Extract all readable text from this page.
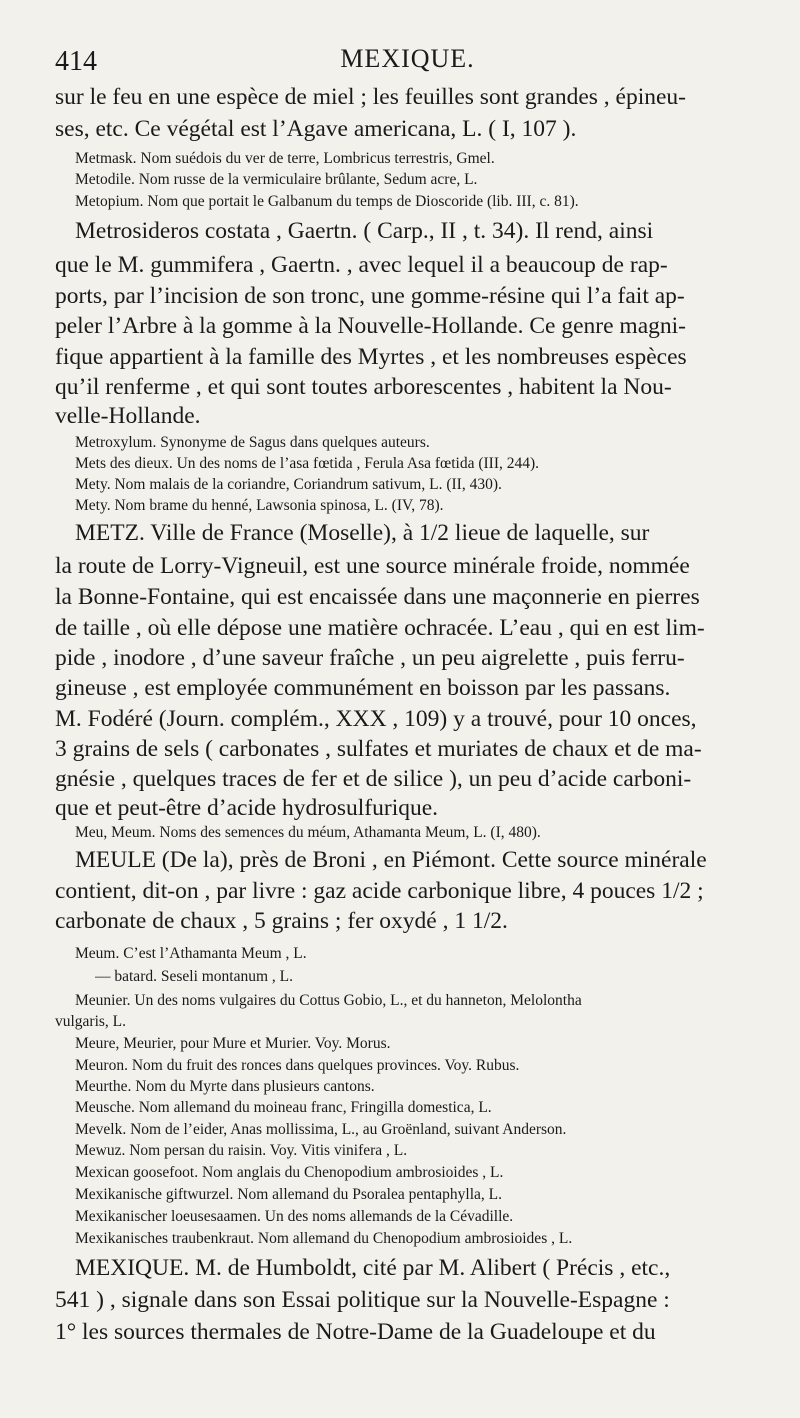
414	MEXIQUE.
sur le feu en une espèce de miel ; les feuilles sont grandes , épineu-
ses, etc. Ce végétal est l’Agave americana, L. ( I, 107 ).
Metmask. Nom suédois du ver de terre, Lombricus terrestris, Gmel.
Metodile. Nom russe de la vermiculaire brûlante, Sedum acre, L.
Metopium. Nom que portait le Galbanum du temps de Dioscoride (lib. III, c. 81).
Metrosideros costata , Gaertn. ( Carp., II , t. 34). Il rend, ainsi
que le M. gummifera , Gaertn. , avec lequel il a beaucoup de rap-
ports, par l’incision de son tronc, une gomme-résine qui l’a fait ap-
peler l’Arbre à la gomme à la Nouvelle-Hollande. Ce genre magni-
fique appartient à la famille des Myrtes , et les nombreuses espèces
qu’il renferme , et qui sont toutes arborescentes , habitent la Nou-
velle-Hollande.
Metroxylum. Synonyme de Sagus dans quelques auteurs.
Mets des dieux. Un des noms de l’asa fœtida , Ferula Asa fœtida (III, 244).
Mety. Nom malais de la coriandre, Coriandrum sativum, L. (II, 430).
Mety. Nom brame du henné, Lawsonia spinosa, L. (IV, 78).
METZ. Ville de France (Moselle), à 1/2 lieue de laquelle, sur
la route de Lorry-Vigneuil, est une source minérale froide, nommée
la Bonne-Fontaine, qui est encaissée dans une maçonnerie en pierres
de taille , où elle dépose une matière ochracée. L’eau , qui en est lim-
pide , inodore , d’une saveur fraîche , un peu aigrelette , puis ferru-
gineuse , est employée communément en boisson par les passans.
M. Fodéré (Journ. complém., XXX , 109) y a trouvé, pour 10 onces,
3 grains de sels ( carbonates , sulfates et muriates de chaux et de ma-
gnésie , quelques traces de fer et de silice ), un peu d’acide carboni-
que et peut-être d’acide hydrosulfurique.
Meu, Meum. Noms des semences du méum, Athamanta Meum, L. (I, 480).
MEULE (De la), près de Broni , en Piémont. Cette source minérale
contient, dit-on , par livre : gaz acide carbonique libre, 4 pouces 1/2 ;
carbonate de chaux , 5 grains ; fer oxydé , 1 1/2.
Meum. C’est l’Athamanta Meum , L.
— batard. Seseli montanum , L.
Meunier. Un des noms vulgaires du Cottus Gobio, L., et du hanneton, Melolontha
vulgaris, L.
Meure, Meurier, pour Mure et Murier. Voy. Morus.
Meuron. Nom du fruit des ronces dans quelques provinces. Voy. Rubus.
Meurthe. Nom du Myrte dans plusieurs cantons.
Meusche. Nom allemand du moineau franc, Fringilla domestica, L.
Mevelk. Nom de l’eider, Anas mollissima, L., au Groënland, suivant Anderson.
Mewuz. Nom persan du raisin. Voy. Vitis vinifera , L.
Mexican goosefoot. Nom anglais du Chenopodium ambrosioides , L.
Mexikanische giftwurzel. Nom allemand du Psoralea pentaphylla, L.
Mexikanischer loeusesaamen. Un des noms allemands de la Cévadille.
Mexikanisches traubenkraut. Nom allemand du Chenopodium ambrosioides , L.
MEXIQUE. M. de Humboldt, cité par M. Alibert ( Précis , etc.,
541 ) , signale dans son Essai politique sur la Nouvelle-Espagne :
1° les sources thermales de Notre-Dame de la Guadeloupe et du
